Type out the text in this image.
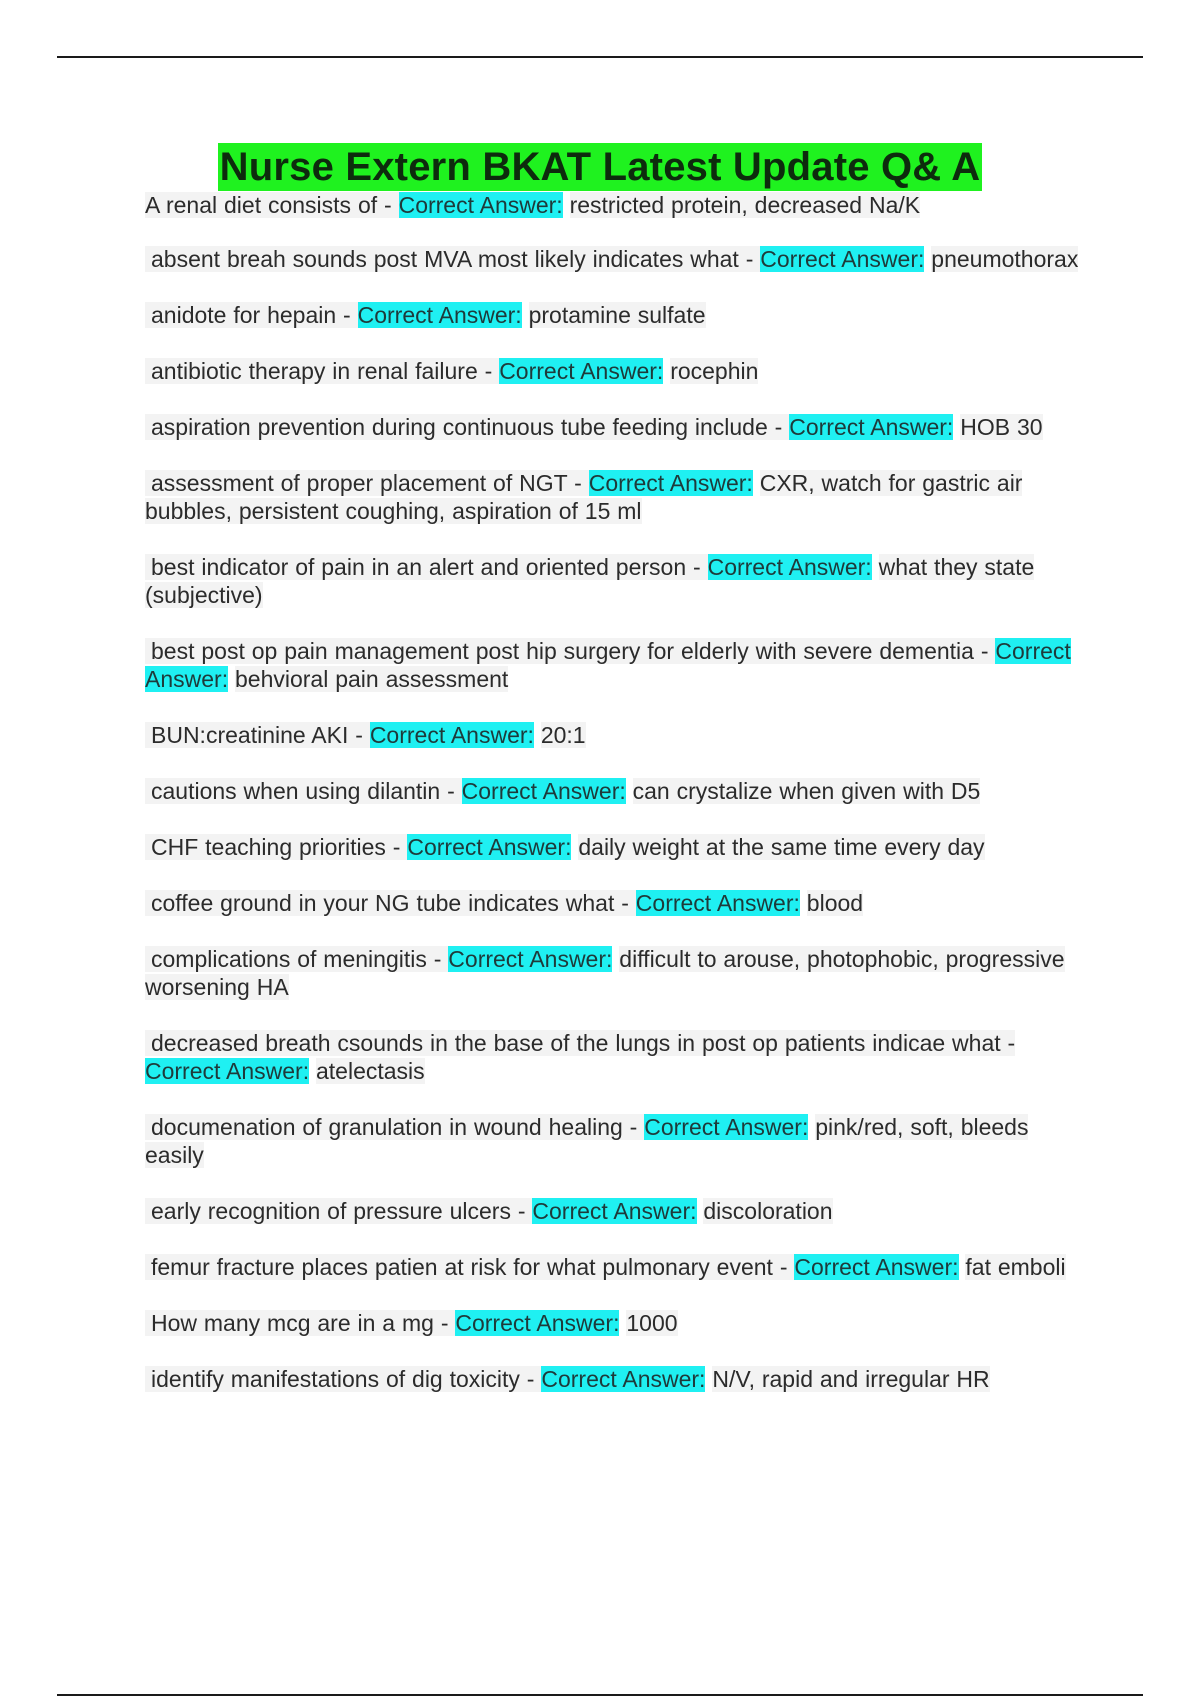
Nurse Extern BKAT Latest Update Q& A
A renal diet consists of - Correct Answer: restricted protein, decreased Na/K
absent breah sounds post MVA most likely indicates what - Correct Answer: pneumothorax
anidote for hepain - Correct Answer: protamine sulfate
antibiotic therapy in renal failure - Correct Answer: rocephin
aspiration prevention during continuous tube feeding include - Correct Answer: HOB 30
assessment of proper placement of NGT - Correct Answer: CXR, watch for gastric air bubbles, persistent coughing, aspiration of 15 ml
best indicator of pain in an alert and oriented person - Correct Answer: what they state (subjective)
best post op pain management post hip surgery for elderly with severe dementia - Correct Answer: behvioral pain assessment
BUN:creatinine AKI - Correct Answer: 20:1
cautions when using dilantin - Correct Answer: can crystalize when given with D5
CHF teaching priorities - Correct Answer: daily weight at the same time every day
coffee ground in your NG tube indicates what - Correct Answer: blood
complications of meningitis - Correct Answer: difficult to arouse, photophobic, progressive worsening HA
decreased breath csounds in the base of the lungs in post op patients indicae what - Correct Answer: atelectasis
documenation of granulation in wound healing - Correct Answer: pink/red, soft, bleeds easily
early recognition of pressure ulcers - Correct Answer: discoloration
femur fracture places patien at risk for what pulmonary event - Correct Answer: fat emboli
How many mcg are in a mg - Correct Answer: 1000
identify manifestations of dig toxicity - Correct Answer: N/V, rapid and irregular HR
